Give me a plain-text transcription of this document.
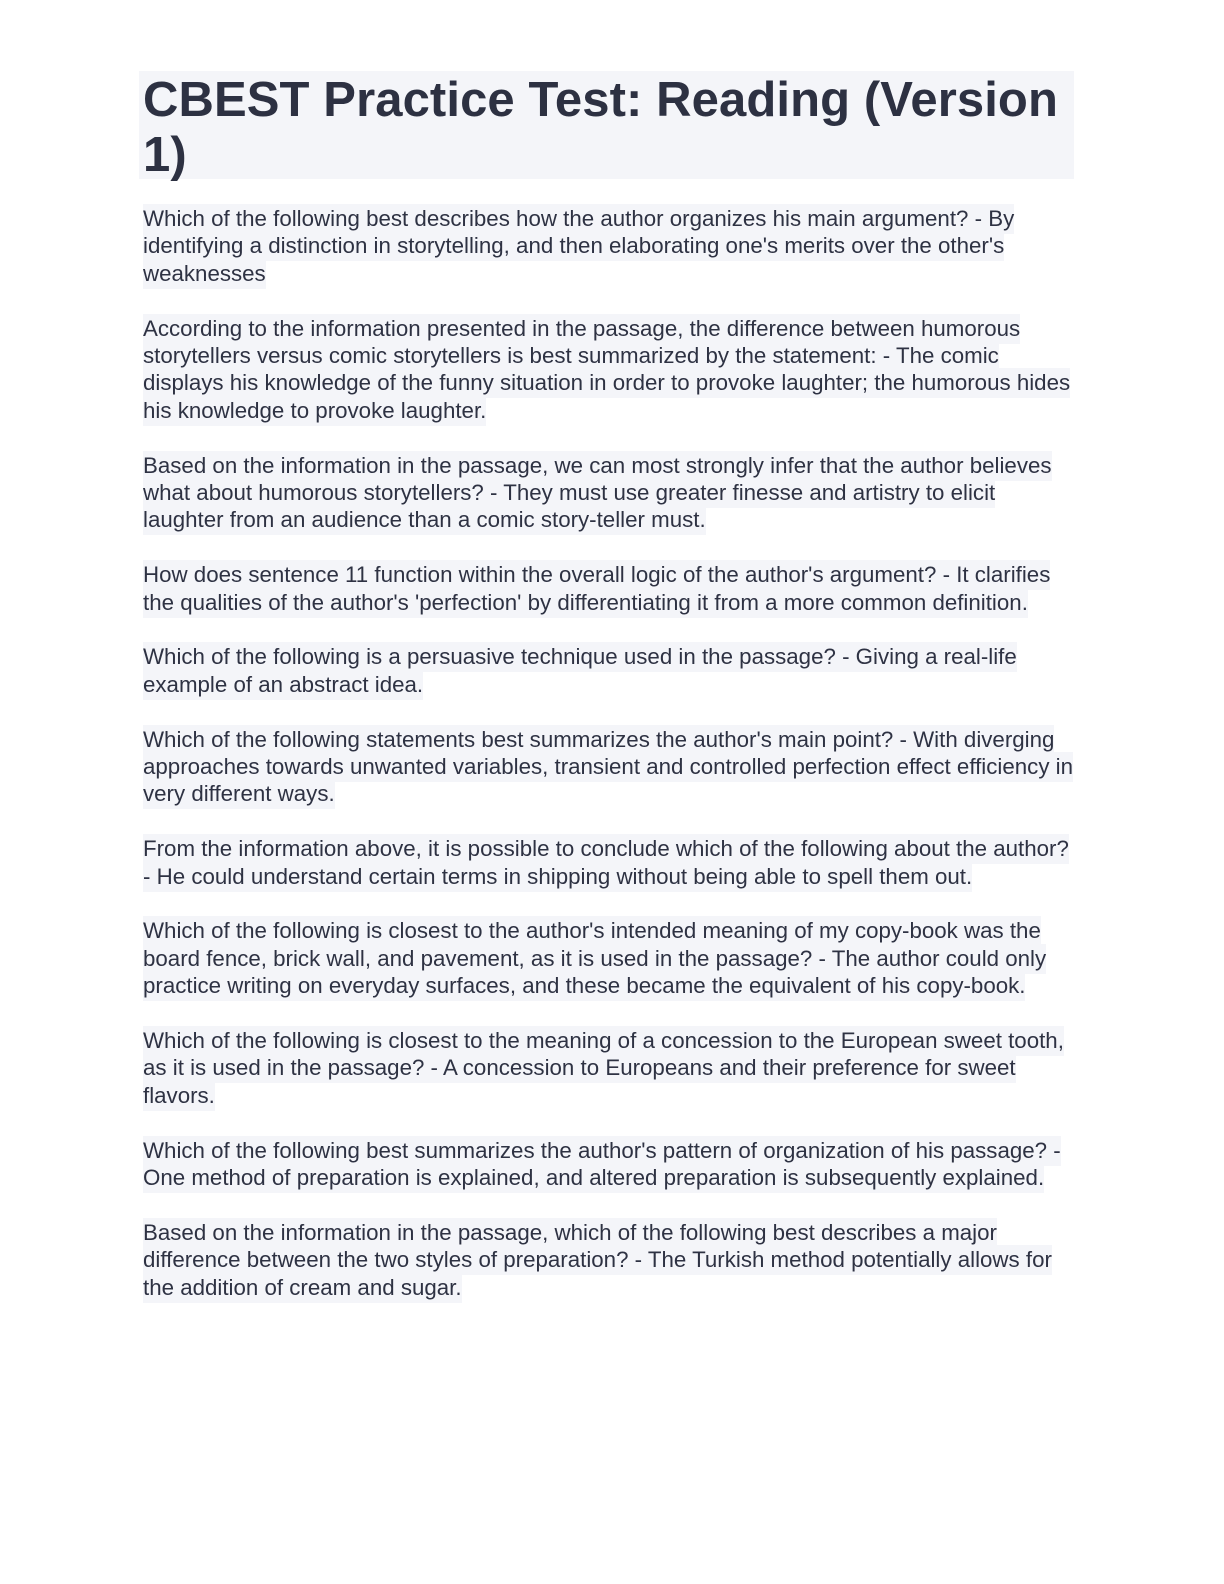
CBEST Practice Test: Reading (Version 1)

Which of the following best describes how the author organizes his main argument? - By identifying a distinction in storytelling, and then elaborating one's merits over the other's weaknesses

According to the information presented in the passage, the difference between humorous storytellers versus comic storytellers is best summarized by the statement: - The comic displays his knowledge of the funny situation in order to provoke laughter; the humorous hides his knowledge to provoke laughter.

Based on the information in the passage, we can most strongly infer that the author believes what about humorous storytellers? - They must use greater finesse and artistry to elicit laughter from an audience than a comic story-teller must.

How does sentence 11 function within the overall logic of the author's argument? - It clarifies the qualities of the author's 'perfection' by differentiating it from a more common definition.

Which of the following is a persuasive technique used in the passage? - Giving a real-life example of an abstract idea.

Which of the following statements best summarizes the author's main point? - With diverging approaches towards unwanted variables, transient and controlled perfection effect efficiency in very different ways.

From the information above, it is possible to conclude which of the following about the author? - He could understand certain terms in shipping without being able to spell them out.

Which of the following is closest to the author's intended meaning of my copy-book was the board fence, brick wall, and pavement, as it is used in the passage? - The author could only practice writing on everyday surfaces, and these became the equivalent of his copy-book.

Which of the following is closest to the meaning of a concession to the European sweet tooth, as it is used in the passage? - A concession to Europeans and their preference for sweet flavors.

Which of the following best summarizes the author's pattern of organization of his passage? - One method of preparation is explained, and altered preparation is subsequently explained.

Based on the information in the passage, which of the following best describes a major difference between the two styles of preparation? - The Turkish method potentially allows for the addition of cream and sugar.
